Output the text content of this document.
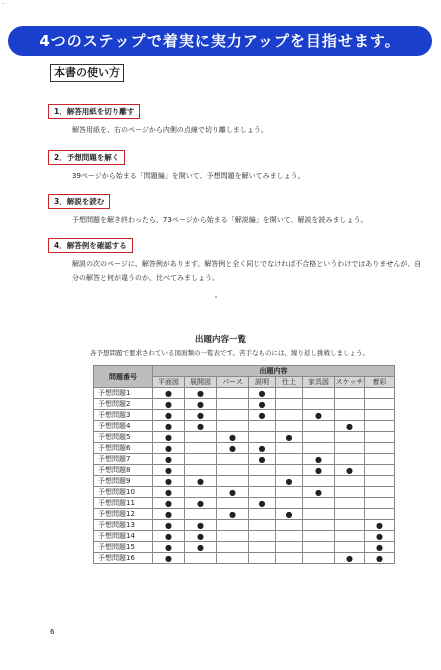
4つのステップで着実に実力アップを目指せます。
本書の使い方
1．解答用紙を切り離す
解答用紙を、右のページから内側の点線で切り離しましょう。
2．予想問題を解く
39ページから始まる「問題編」を開いて、予想問題を解いてみましょう。
3．解説を読む
予想問題を解き終わったら、73ページから始まる「解説編」を開いて、解説を読みましょう。
4．解答例を確認する
解説の次のページに、解答例があります。解答例と全く同じでなければ不合格というわけではありませんが、自分の解答と何が違うのか、比べてみましょう。
出題内容一覧
各予想問題で要求されている図面類の一覧表です。苦手なものには、繰り返し挑戦しましょう。
問題番号	出題内容							
	平面図	展開図	パース	説明	仕上	家具図	スケッチ	着彩
予想問題1	●	●		●				
予想問題2	●	●		●				
予想問題3	●	●		●		●		
予想問題4	●	●					●	
予想問題5	●		●		●			
予想問題6	●		●	●				
予想問題7	●			●		●		
予想問題8	●					●	●	
予想問題9	●	●			●			
予想問題10	●		●			●		
予想問題11	●	●		●				
予想問題12	●		●		●			
予想問題13	●	●						●
予想問題14	●	●						●
予想問題15	●	●						●
予想問題16	●						●	●
6
